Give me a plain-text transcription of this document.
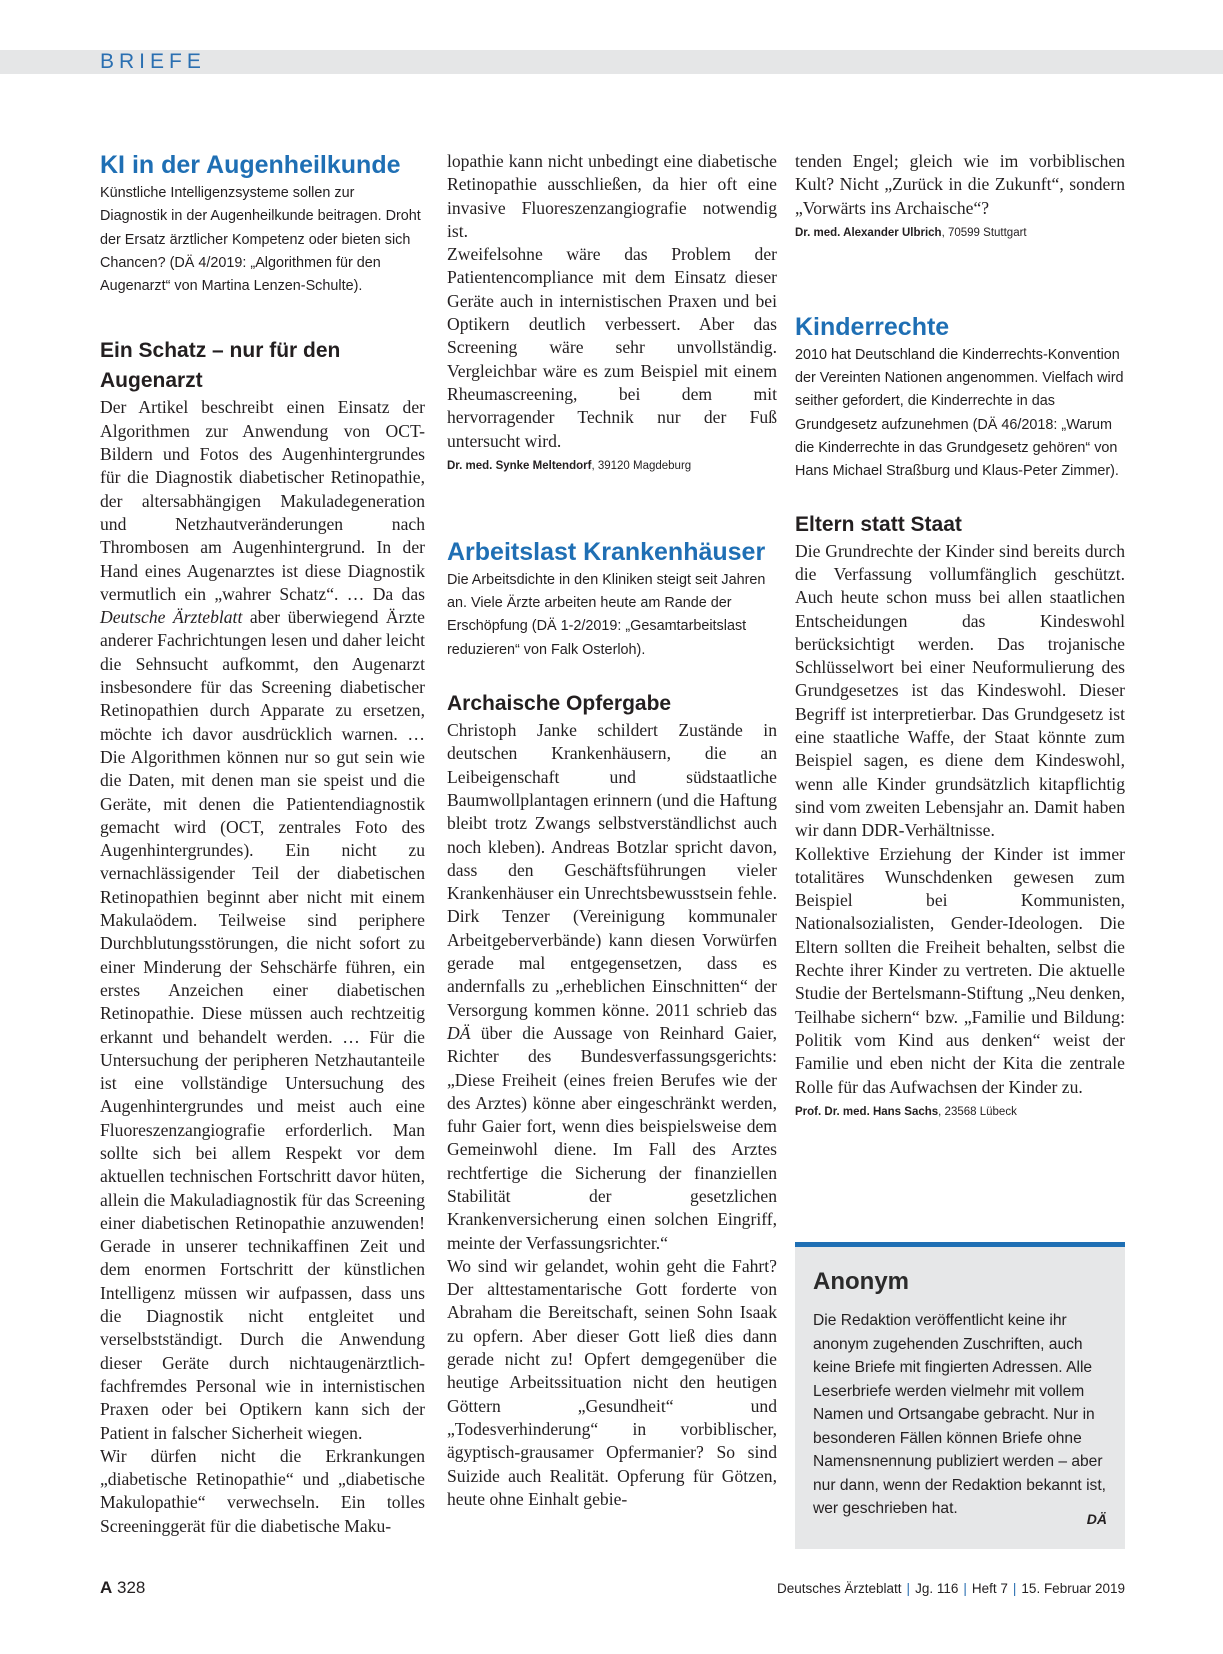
BRIEFE
KI in der Augenheilkunde

Künstliche Intelligenzsysteme sollen zur Diagnostik in der Augenheilkunde beitragen. Droht der Ersatz ärztlicher Kompetenz oder bieten sich Chancen? (DÄ 4/2019: „Algorithmen für den Augenarzt“ von Martina Lenzen-Schulte).

Ein Schatz – nur für den Augenarzt

Der Artikel beschreibt einen Einsatz der Algorithmen zur Anwendung von OCT-Bildern und Fotos des Augenhintergrundes für die Diagnostik diabetischer Retinopathie, der altersabhängigen Makuladegeneration und Netzhautveränderungen nach Thrombosen am Augenhintergrund. In der Hand eines Augenarztes ist diese Diagnostik vermutlich ein „wahrer Schatz“. … Da das Deutsche Ärzteblatt aber überwiegend Ärzte anderer Fachrichtungen lesen und daher leicht die Sehnsucht aufkommt, den Augenarzt insbesondere für das Screening diabetischer Retinopathien durch Apparate zu ersetzen, möchte ich davor ausdrücklich warnen. … Die Algorithmen können nur so gut sein wie die Daten, mit denen man sie speist und die Geräte, mit denen die Patientendiagnostik gemacht wird (OCT, zentrales Foto des Augenhintergrundes). Ein nicht zu vernachlässigender Teil der diabetischen Retinopathien beginnt aber nicht mit einem Makulaödem. Teilweise sind periphere Durchblutungsstörungen, die nicht sofort zu einer Minderung der Sehschärfe führen, ein erstes Anzeichen einer diabetischen Retinopathie. Diese müssen auch rechtzeitig erkannt und behandelt werden. … Für die Untersuchung der peripheren Netzhautanteile ist eine vollständige Untersuchung des Augenhintergrundes und meist auch eine Fluoreszenzangiografie erforderlich. Man sollte sich bei allem Respekt vor dem aktuellen technischen Fortschritt davor hüten, allein die Makuladiagnostik für das Screening einer diabetischen Retinopathie anzuwenden! Gerade in unserer technikaffinen Zeit und dem enormen Fortschritt der künstlichen Intelligenz müssen wir aufpassen, dass uns die Diagnostik nicht entgleitet und verselbstständigt. Durch die Anwendung dieser Geräte durch nichtaugenärztlich-fachfremdes Personal wie in internistischen Praxen oder bei Optikern kann sich der Patient in falscher Sicherheit wiegen.

Wir dürfen nicht die Erkrankungen „diabetische Retinopathie“ und „diabetische Makulopathie“ verwechseln. Ein tolles Screeninggerät für die diabetische Maku-

lopathie kann nicht unbedingt eine diabetische Retinopathie ausschließen, da hier oft eine invasive Fluoreszenzangiografie notwendig ist.

Zweifelsohne wäre das Problem der Patientencompliance mit dem Einsatz dieser Geräte auch in internistischen Praxen und bei Optikern deutlich verbessert. Aber das Screening wäre sehr unvollständig. Vergleichbar wäre es zum Beispiel mit einem Rheumascreening, bei dem mit hervorragender Technik nur der Fuß untersucht wird.

Dr. med. Synke Meltendorf, 39120 Magdeburg

Arbeitslast Krankenhäuser

Die Arbeitsdichte in den Kliniken steigt seit Jahren an. Viele Ärzte arbeiten heute am Rande der Erschöpfung (DÄ 1-2/2019: „Gesamtarbeitslast reduzieren“ von Falk Osterloh).

Archaische Opfergabe

Christoph Janke schildert Zustände in deutschen Krankenhäusern, die an Leibeigenschaft und südstaatliche Baumwollplantagen erinnern (und die Haftung bleibt trotz Zwangs selbstverständlichst auch noch kleben). Andreas Botzlar spricht davon, dass den Geschäftsführungen vieler Krankenhäuser ein Unrechtsbewusstsein fehle. Dirk Tenzer (Vereinigung kommunaler Arbeitgeberverbände) kann diesen Vorwürfen gerade mal entgegensetzen, dass es andernfalls zu „erheblichen Einschnitten“ der Versorgung kommen könne. 2011 schrieb das DÄ über die Aussage von Reinhard Gaier, Richter des Bundesverfassungsgerichts: „Diese Freiheit (eines freien Berufes wie der des Arztes) könne aber eingeschränkt werden, fuhr Gaier fort, wenn dies beispielsweise dem Gemeinwohl diene. Im Fall des Arztes rechtfertige die Sicherung der finanziellen Stabilität der gesetzlichen Krankenversicherung einen solchen Eingriff, meinte der Verfassungsrichter.“

Wo sind wir gelandet, wohin geht die Fahrt? Der alttestamentarische Gott forderte von Abraham die Bereitschaft, seinen Sohn Isaak zu opfern. Aber dieser Gott ließ dies dann gerade nicht zu! Opfert demgegenüber die heutige Arbeitssituation nicht den heutigen Göttern „Gesundheit“ und „Todesverhinderung“ in vorbiblischer, ägyptisch-grausamer Opfermanier? So sind Suizide auch Realität. Opferung für Götzen, heute ohne Einhalt gebie-

tenden Engel; gleich wie im vorbiblischen Kult? Nicht „Zurück in die Zukunft“, sondern „Vorwärts ins Archaische“?

Dr. med. Alexander Ulbrich, 70599 Stuttgart

Kinderrechte

2010 hat Deutschland die Kinderrechts-Konvention der Vereinten Nationen angenommen. Vielfach wird seither gefordert, die Kinderrechte in das Grundgesetz aufzunehmen (DÄ 46/2018: „Warum die Kinderrechte in das Grundgesetz gehören“ von Hans Michael Straßburg und Klaus-Peter Zimmer).

Eltern statt Staat

Die Grundrechte der Kinder sind bereits durch die Verfassung vollumfänglich geschützt. Auch heute schon muss bei allen staatlichen Entscheidungen das Kindeswohl berücksichtigt werden. Das trojanische Schlüsselwort bei einer Neuformulierung des Grundgesetzes ist das Kindeswohl. Dieser Begriff ist interpretierbar. Das Grundgesetz ist eine staatliche Waffe, der Staat könnte zum Beispiel sagen, es diene dem Kindeswohl, wenn alle Kinder grundsätzlich kitapflichtig sind vom zweiten Lebensjahr an. Damit haben wir dann DDR-Verhältnisse.

Kollektive Erziehung der Kinder ist immer totalitäres Wunschdenken gewesen zum Beispiel bei Kommunisten, Nationalsozialisten, Gender-Ideologen. Die Eltern sollten die Freiheit behalten, selbst die Rechte ihrer Kinder zu vertreten. Die aktuelle Studie der Bertelsmann-Stiftung „Neu denken, Teilhabe sichern“ bzw. „Familie und Bildung: Politik vom Kind aus denken“ weist der Familie und eben nicht der Kita die zentrale Rolle für das Aufwachsen der Kinder zu.

Prof. Dr. med. Hans Sachs, 23568 Lübeck

Anonym

Die Redaktion veröffentlicht keine ihr anonym zugehenden Zuschriften, auch keine Briefe mit fingierten Adressen. Alle Leserbriefe werden vielmehr mit vollem Namen und Ortsangabe gebracht. Nur in besonderen Fällen können Briefe ohne Namensnennung publiziert werden – aber nur dann, wenn der Redaktion bekannt ist, wer geschrieben hat.

DÄ
A 328	Deutsches Ärzteblatt | Jg. 116 | Heft 7 | 15. Februar 2019
